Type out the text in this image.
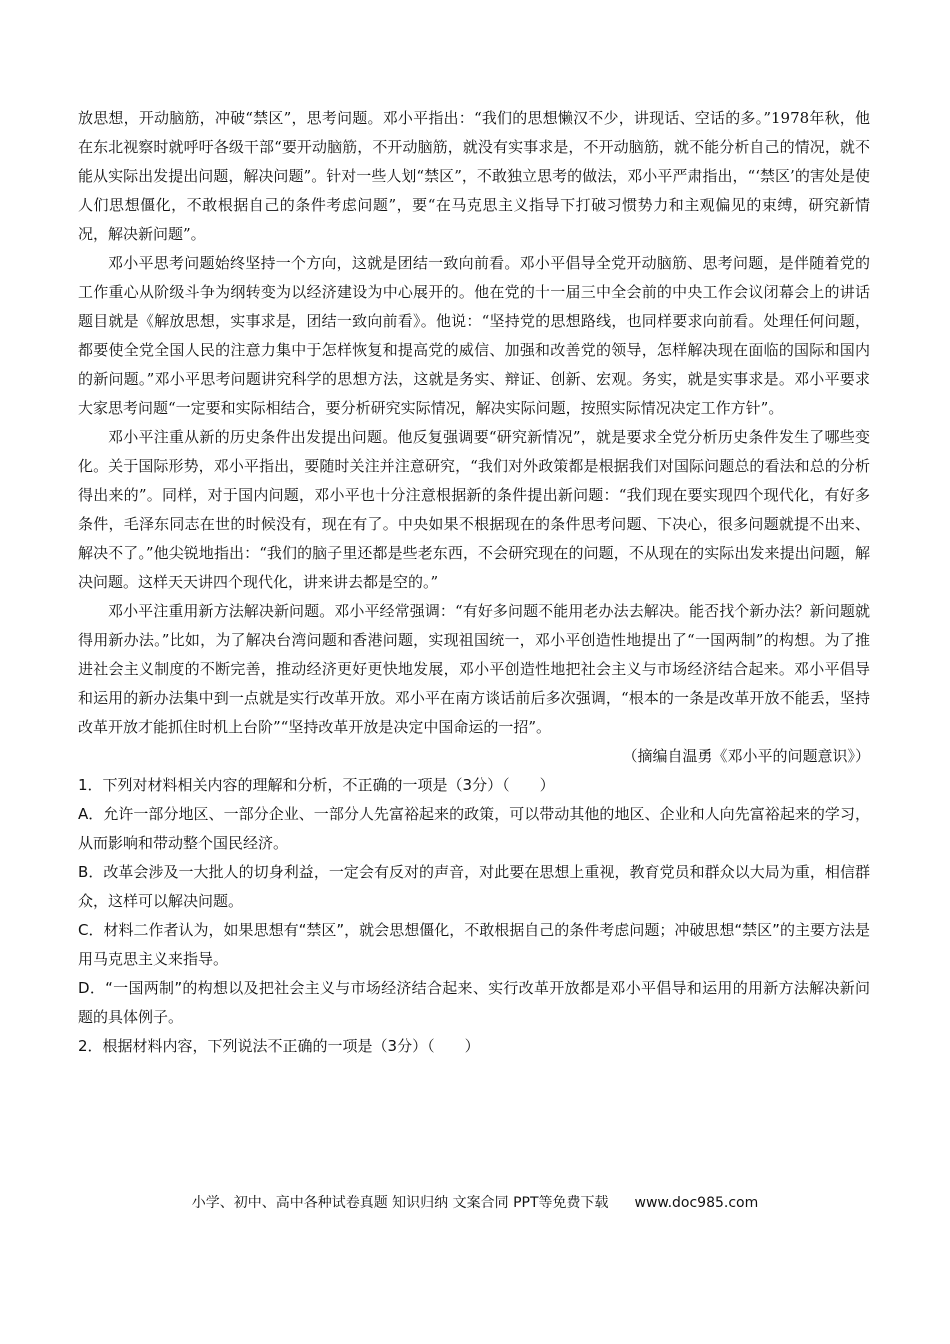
放思想，开动脑筋，冲破“禁区”，思考问题。邓小平指出：“我们的思想懒汉不少，讲现话、空话的多。”1978年秋，他在东北视察时就呼吁各级干部“要开动脑筋，不开动脑筋，就没有实事求是，不开动脑筋，就不能分析自己的情况，就不能从实际出发提出问题，解决问题”。针对一些人划“禁区”，不敢独立思考的做法，邓小平严肃指出，“‘禁区’的害处是使人们思想僵化，不敢根据自己的条件考虑问题”，要“在马克思主义指导下打破习惯势力和主观偏见的束缚，研究新情况，解决新问题”。

邓小平思考问题始终坚持一个方向，这就是团结一致向前看。邓小平倡导全党开动脑筋、思考问题，是伴随着党的工作重心从阶级斗争为纲转变为以经济建设为中心展开的。他在党的十一届三中全会前的中央工作会议闭幕会上的讲话题目就是《解放思想，实事求是，团结一致向前看》。他说：“坚持党的思想路线，也同样要求向前看。处理任何问题，都要使全党全国人民的注意力集中于怎样恢复和提高党的威信、加强和改善党的领导，怎样解决现在面临的国际和国内的新问题。”邓小平思考问题讲究科学的思想方法，这就是务实、辩证、创新、宏观。务实，就是实事求是。邓小平要求大家思考问题“一定要和实际相结合，要分析研究实际情况，解决实际问题，按照实际情况决定工作方针”。

邓小平注重从新的历史条件出发提出问题。他反复强调要“研究新情况”，就是要求全党分析历史条件发生了哪些变化。关于国际形势，邓小平指出，要随时关注并注意研究，“我们对外政策都是根据我们对国际问题总的看法和总的分析得出来的”。同样，对于国内问题，邓小平也十分注意根据新的条件提出新问题：“我们现在要实现四个现代化，有好多条件，毛泽东同志在世的时候没有，现在有了。中央如果不根据现在的条件思考问题、下决心，很多问题就提不出来、解决不了。”他尖锐地指出：“我们的脑子里还都是些老东西，不会研究现在的问题，不从现在的实际出发来提出问题，解决问题。这样天天讲四个现代化，讲来讲去都是空的。”

邓小平注重用新方法解决新问题。邓小平经常强调：“有好多问题不能用老办法去解决。能否找个新办法？新问题就得用新办法。”比如，为了解决台湾问题和香港问题，实现祖国统一，邓小平创造性地提出了“一国两制”的构想。为了推进社会主义制度的不断完善，推动经济更好更快地发展，邓小平创造性地把社会主义与市场经济结合起来。邓小平倡导和运用的新办法集中到一点就是实行改革开放。邓小平在南方谈话前后多次强调，“根本的一条是改革开放不能丢，坚持改革开放才能抓住时机上台阶”“坚持改革开放是决定中国命运的一招”。

（摘编自温勇《邓小平的问题意识》）

1．下列对材料相关内容的理解和分析，不正确的一项是（3分）（　　）

A．允许一部分地区、一部分企业、一部分人先富裕起来的政策，可以带动其他的地区、企业和人向先富裕起来的学习，从而影响和带动整个国民经济。

B．改革会涉及一大批人的切身利益，一定会有反对的声音，对此要在思想上重视，教育党员和群众以大局为重，相信群众，这样可以解决问题。

C．材料二作者认为，如果思想有“禁区”，就会思想僵化，不敢根据自己的条件考虑问题；冲破思想“禁区”的主要方法是用马克思主义来指导。

D．“一国两制”的构想以及把社会主义与市场经济结合起来、实行改革开放都是邓小平倡导和运用的用新方法解决新问题的具体例子。

2．根据材料内容，下列说法不正确的一项是（3分）（　　）

小学、初中、高中各种试卷真题 知识归纳 文案合同 PPT等免费下载 www.doc985.com
